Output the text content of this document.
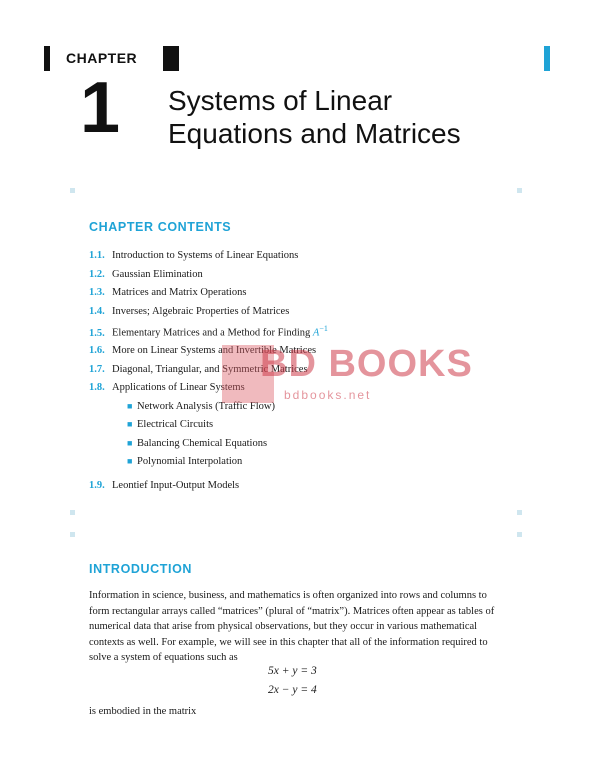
CHAPTER
1 Systems of Linear
Equations and Matrices
CHAPTER CONTENTS
1.1. Introduction to Systems of Linear Equations
1.2. Gaussian Elimination
1.3. Matrices and Matrix Operations
1.4. Inverses; Algebraic Properties of Matrices
1.5. Elementary Matrices and a Method for Finding $A^{-1}$
1.6. More on Linear Systems and Invertible Matrices
1.7. Diagonal, Triangular, and Symmetric Matrices
1.8. Applications of Linear Systems
■ Network Analysis (Traffic Flow)
■ Electrical Circuits
■ Balancing Chemical Equations
■ Polynomial Interpolation
1.9. Leontief Input-Output Models
BD BOOKS
bdbooks.net
INTRODUCTION
Information in science, business, and mathematics is often organized into rows and columns to form rectangular arrays called “matrices” (plural of “matrix”). Matrices often appear as tables of numerical data that arise from physical observations, but they occur in various mathematical contexts as well. For example, we will see in this chapter that all of the information required to solve a system of equations such as
5x + y = 3
2x − y = 4
is embodied in the matrix
